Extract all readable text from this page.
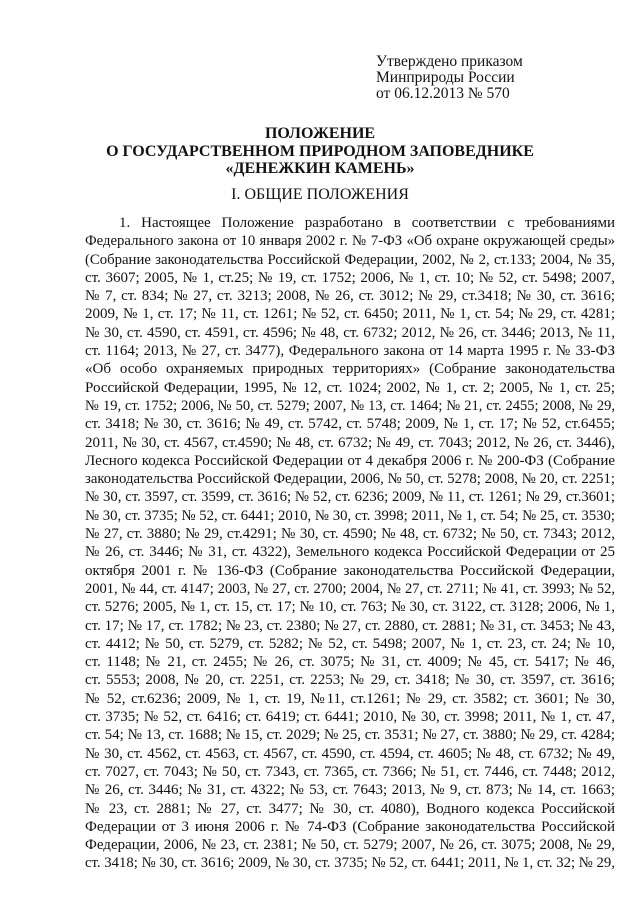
Утверждено приказом
Минприроды России
от 06.12.2013 № 570
ПОЛОЖЕНИЕ
О ГОСУДАРСТВЕННОМ ПРИРОДНОМ ЗАПОВЕДНИКЕ
«ДЕНЕЖКИН КАМЕНЬ»
I. ОБЩИЕ ПОЛОЖЕНИЯ
1. Настоящее Положение разработано в соответствии с требованиями
Федерального закона от 10 января 2002 г. № 7-ФЗ «Об охране окружающей среды»
(Собрание законодательства Российской Федерации, 2002, № 2, ст.133; 2004, № 35,
ст. 3607; 2005, № 1, ст.25; № 19, ст. 1752; 2006, № 1, ст. 10; № 52, ст. 5498; 2007,
№ 7, ст. 834; № 27, ст. 3213; 2008, № 26, ст. 3012; № 29, ст.3418; № 30, ст. 3616;
2009, № 1, ст. 17; № 11, ст. 1261; № 52, ст. 6450; 2011, № 1, ст. 54; № 29, ст. 4281;
№ 30, ст. 4590, ст. 4591, ст. 4596; № 48, ст. 6732; 2012, № 26, ст. 3446; 2013, № 11,
ст. 1164; 2013, № 27, ст. 3477), Федерального закона от 14 марта 1995 г. № 33-ФЗ
«Об особо охраняемых природных территориях» (Собрание законодательства
Российской Федерации, 1995, № 12, ст. 1024; 2002, № 1, ст. 2; 2005, № 1, ст. 25;
№ 19, ст. 1752; 2006, № 50, ст. 5279; 2007, № 13, ст. 1464; № 21, ст. 2455; 2008, № 29,
ст. 3418; № 30, ст. 3616; № 49, ст. 5742, ст. 5748; 2009, № 1, ст. 17; № 52, ст.6455;
2011, № 30, ст. 4567, ст.4590; № 48, ст. 6732; № 49, ст. 7043; 2012, № 26, ст. 3446),
Лесного кодекса Российской Федерации от 4 декабря 2006 г. № 200-ФЗ (Собрание
законодательства Российской Федерации, 2006, № 50, ст. 5278; 2008, № 20, ст. 2251;
№ 30, ст. 3597, ст. 3599, ст. 3616; № 52, ст. 6236; 2009, № 11, ст. 1261; № 29, ст.3601;
№ 30, ст. 3735; № 52, ст. 6441; 2010, № 30, ст. 3998; 2011, № 1, ст. 54; № 25, ст. 3530;
№ 27, ст. 3880; № 29, ст.4291; № 30, ст. 4590; № 48, ст. 6732; № 50, ст. 7343; 2012,
№ 26, ст. 3446; № 31, ст. 4322), Земельного кодекса Российской Федерации от 25
октября 2001 г. № 136-ФЗ (Собрание законодательства Российской Федерации,
2001, № 44, ст. 4147; 2003, № 27, ст. 2700; 2004, № 27, ст. 2711; № 41, ст. 3993; № 52,
ст. 5276; 2005, № 1, ст. 15, ст. 17; № 10, ст. 763; № 30, ст. 3122, ст. 3128; 2006, № 1,
ст. 17; № 17, ст. 1782; № 23, ст. 2380; № 27, ст. 2880, ст. 2881; № 31, ст. 3453; № 43,
ст. 4412; № 50, ст. 5279, ст. 5282; № 52, ст. 5498; 2007, № 1, ст. 23, ст. 24; № 10,
ст. 1148; № 21, ст. 2455; № 26, ст. 3075; № 31, ст. 4009; № 45, ст. 5417; № 46,
ст. 5553; 2008, № 20, ст. 2251, ст. 2253; № 29, ст. 3418; № 30, ст. 3597, ст. 3616;
№ 52, ст.6236; 2009, № 1, ст. 19, №11, ст.1261; № 29, ст. 3582; ст. 3601; № 30,
ст. 3735; № 52, ст. 6416; ст. 6419; ст. 6441; 2010, № 30, ст. 3998; 2011, № 1, ст. 47,
ст. 54; № 13, ст. 1688; № 15, ст. 2029; № 25, ст. 3531; № 27, ст. 3880; № 29, ст. 4284;
№ 30, ст. 4562, ст. 4563, ст. 4567, ст. 4590, ст. 4594, ст. 4605; № 48, ст. 6732; № 49,
ст. 7027, ст. 7043; № 50, ст. 7343, ст. 7365, ст. 7366; № 51, ст. 7446, ст. 7448; 2012,
№ 26, ст. 3446; № 31, ст. 4322; № 53, ст. 7643; 2013, № 9, ст. 873; № 14, ст. 1663;
№ 23, ст. 2881; № 27, ст. 3477; № 30, ст. 4080), Водного кодекса Российской
Федерации от 3 июня 2006 г. № 74-ФЗ (Собрание законодательства Российской
Федерации, 2006, № 23, ст. 2381; № 50, ст. 5279; 2007, № 26, ст. 3075; 2008, № 29,
ст. 3418; № 30, ст. 3616; 2009, № 30, ст. 3735; № 52, ст. 6441; 2011, № 1, ст. 32; № 29,
